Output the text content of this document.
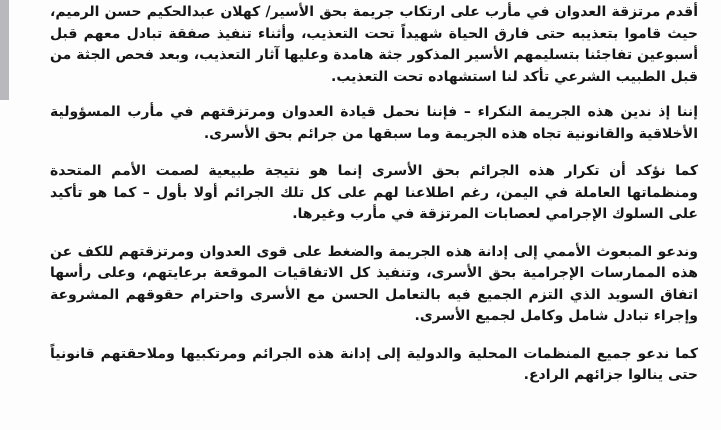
أقدم مرتزقة العدوان في مأرب على ارتكاب جريمة بحق الأسير/ كهلان عبدالحكيم حسن الرميم، حيث قاموا بتعذيبه حتى فارق الحياة شهيداً تحت التعذيب، وأثناء تنفيذ صفقة تبادل معهم قبل أسبوعين تفاجئنا بتسليمهم الأسير المذكور جثة هامدة وعليها آثار التعذيب، وبعد فحص الجثة من قبل الطبيب الشرعي تأكد لنا استشهاده تحت التعذيب.

إننا إذ ندين هذه الجريمة النكراء – فإننا نحمل قيادة العدوان ومرتزقتهم في مأرب المسؤولية الأخلاقية والقانونية تجاه هذه الجريمة وما سبقها من جرائم بحق الأسرى.

كما نؤكد أن تكرار هذه الجرائم بحق الأسرى إنما هو نتيجة طبيعية لصمت الأمم المتحدة ومنظماتها العاملة في اليمن، رغم اطلاعنا لهم على كل تلك الجرائم أولا بأول – كما هو تأكيد على السلوك الإجرامي لعصابات المرتزقة في مأرب وغيرها.

وندعو المبعوث الأممي إلى إدانة هذه الجريمة والضغط على قوى العدوان ومرتزقتهم للكف عن هذه الممارسات الإجرامية بحق الأسرى، وتنفيذ كل الاتفاقيات الموقعة برعايتهم، وعلى رأسها اتفاق السويد الذي التزم الجميع فيه بالتعامل الحسن مع الأسرى واحترام حقوقهم المشروعة وإجراء تبادل شامل وكامل لجميع الأسرى.

كما ندعو جميع المنظمات المحلية والدولية إلى إدانة هذه الجرائم ومرتكبيها وملاحقتهم قانونياً حتى ينالوا جزائهم الرادع.
